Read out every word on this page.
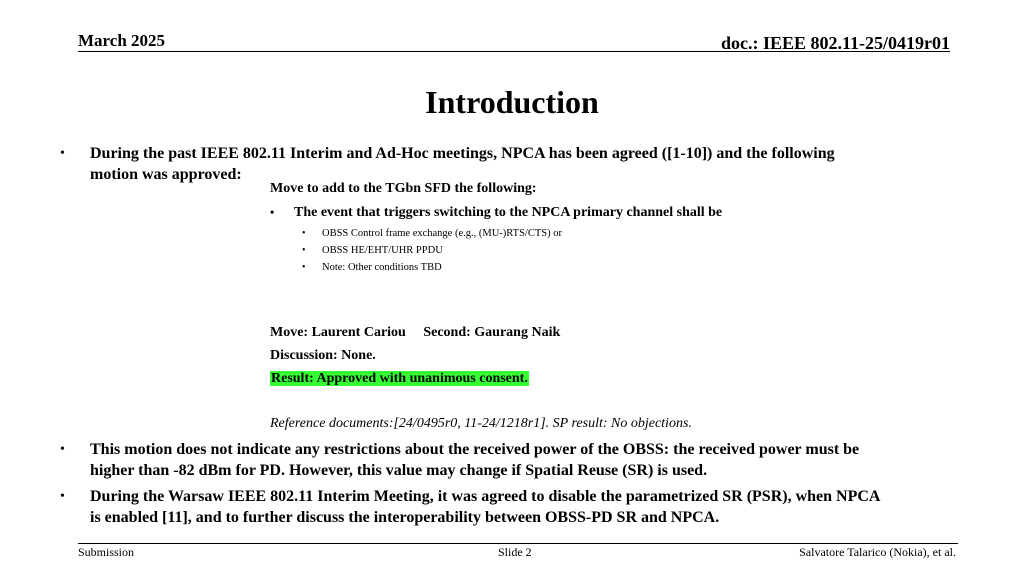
March 2025	doc.: IEEE 802.11-25/0419r01
Introduction
• During the past IEEE 802.11 Interim and Ad-Hoc meetings, NPCA has been agreed ([1-10]) and the following
motion was approved:
Move to add to the TGbn SFD the following:
• The event that triggers switching to the NPCA primary channel shall be
• OBSS Control frame exchange (e.g., (MU-)RTS/CTS) or
• OBSS HE/EHT/UHR PPDU
• Note: Other conditions TBD
Move: Laurent Cariou Second: Gaurang Naik
Discussion: None.
Result: Approved with unanimous consent.
Reference documents:[24/0495r0, 11-24/1218r1]. SP result: No objections.
• This motion does not indicate any restrictions about the received power of the OBSS: the received power must be
higher than -82 dBm for PD. However, this value may change if Spatial Reuse (SR) is used.
• During the Warsaw IEEE 802.11 Interim Meeting, it was agreed to disable the parametrized SR (PSR), when NPCA
is enabled [11], and to further discuss the interoperability between OBSS-PD SR and NPCA.
Submission	Slide 2	Salvatore Talarico (Nokia), et al.
